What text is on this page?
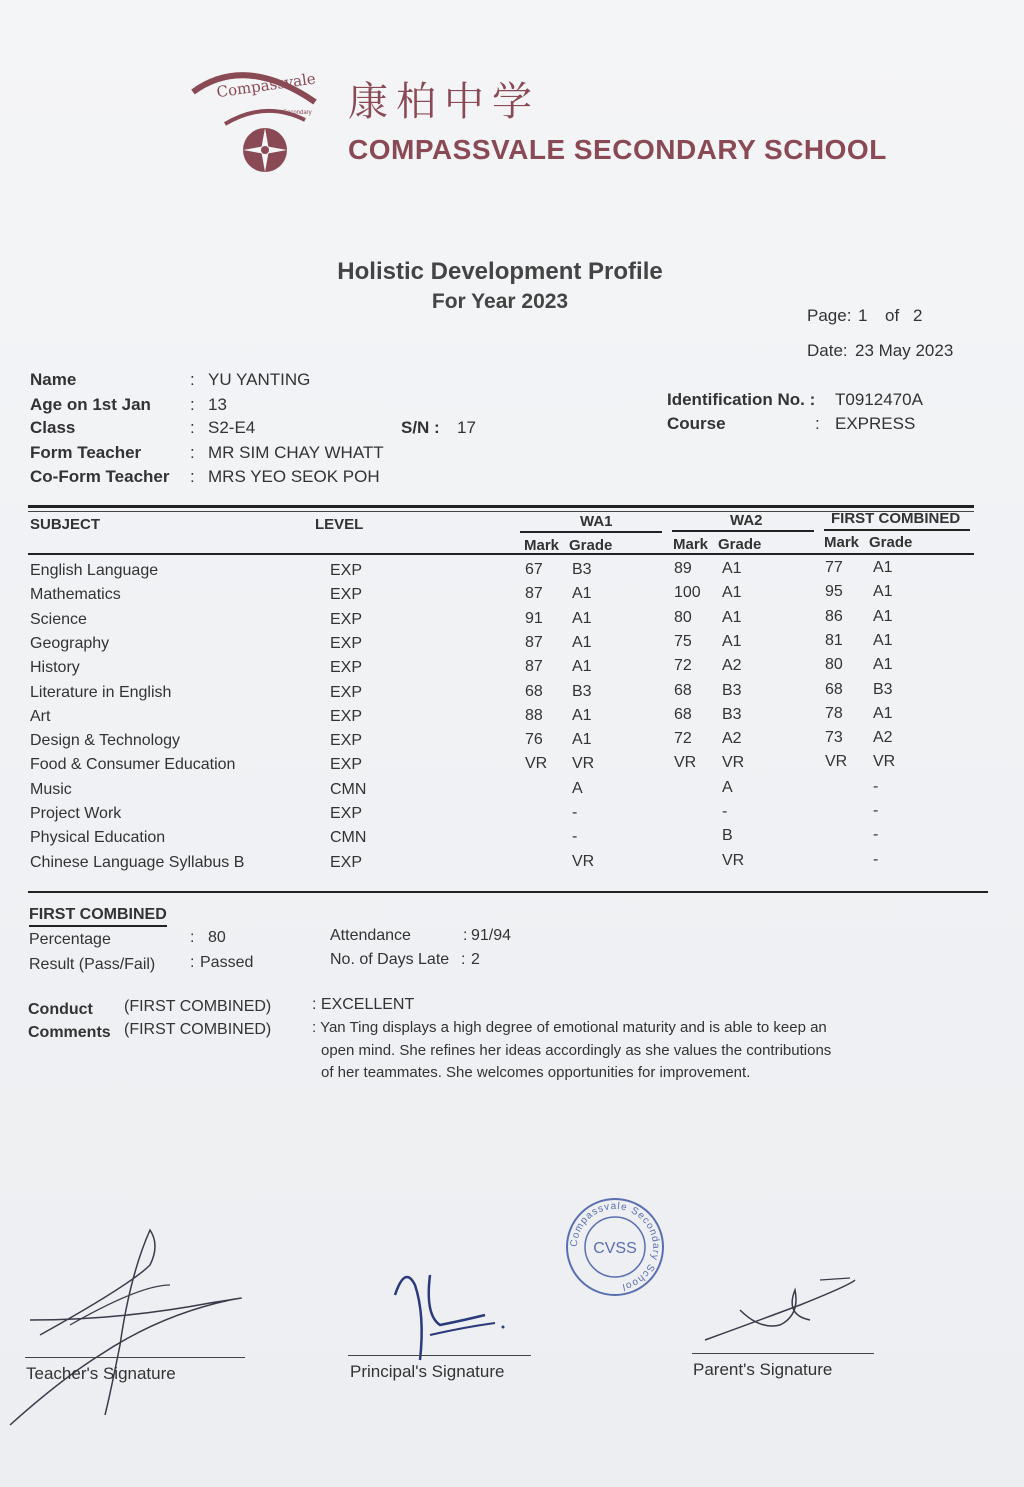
Compassvale
Secondary 康柏中学
COMPASSVALE SECONDARY SCHOOL
Holistic Development Profile
For Year 2023
Page: 1 of 2
Date: 23 May 2023
Name	: YU YANTING
Age on 1st Jan : 13
Class	: S2-E4	S/N : 17
Form Teacher	: MR SIM CHAY WHATT
Co-Form Teacher : MRS YEO SEOK POH
Identification No. : T0912470A
Course	: EXPRESS
SUBJECT	LEVEL	WA1	WA2	FIRST COMBINED
Mark Grade	Mark Grade	Mark Grade
English Language	EXP	67 B3	89 A1	77 A1
Mathematics	EXP	87 A1	100 A1	95 A1
Science	EXP	91 A1	80 A1	86 A1
Geography	EXP	87 A1	75 A1	81 A1
History	EXP	87 A1	72 A2	80 A1
Literature in English	EXP	68 B3	68 B3	68 B3
Art	EXP	88 A1	68 B3	78 A1
Design & Technology	EXP	76 A1	72 A2	73 A2
Food & Consumer Education	EXP	VR VR	VR VR	VR VR
Music	CMN	A	A	-
Project Work	EXP	-	-	-
Physical Education	CMN	-	B	-
Chinese Language Syllabus B	EXP	VR	VR	-
FIRST COMBINED
Percentage	: 80
Result (Pass/Fail) : Passed
Attendance	: 91/94
No. of Days Late : 2
Conduct (FIRST COMBINED)	: EXCELLENT
Comments (FIRST COMBINED)	: Yan Ting displays a high degree of emotional maturity and is able to keep an
open mind. She refines her ideas accordingly as she values the contributions
of her teammates. She welcomes opportunities for improvement.
Compassvale Secondary School
CVSS
Teacher's Signature	Principal's Signature	Parent's Signature
